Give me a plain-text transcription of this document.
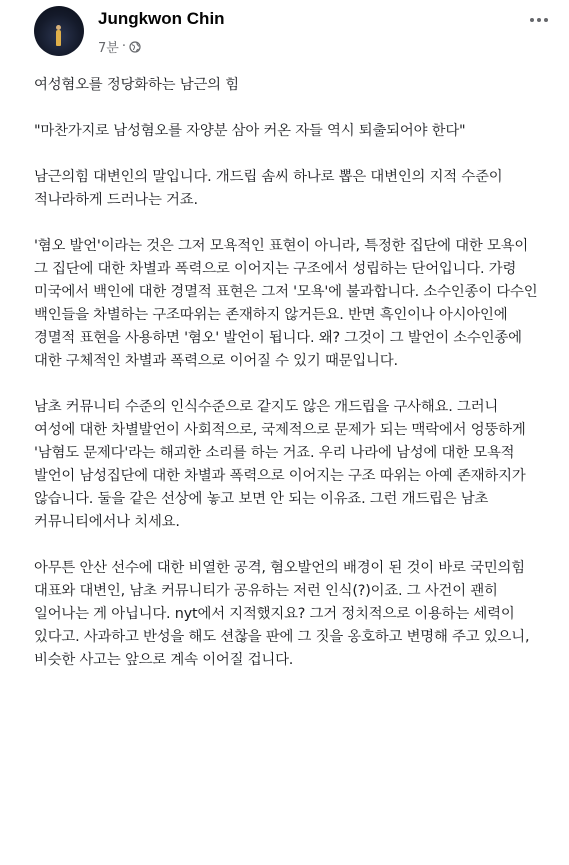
Jungkwon Chin
7분 ·

여성혐오를 정당화하는 남근의 힘

"마찬가지로 남성혐오를 자양분 삼아 커온 자들 역시 퇴출되어야 한다"

남근의힘 대변인의 말입니다. 개드립 솜씨 하나로 뽑은 대변인의 지적 수준이 적나라하게 드러나는 거죠.

'혐오 발언'이라는 것은 그저 모욕적인 표현이 아니라, 특정한 집단에 대한 모욕이 그 집단에 대한 차별과 폭력으로 이어지는 구조에서 성립하는 단어입니다. 가령 미국에서 백인에 대한 경멸적 표현은 그저 '모욕'에 불과합니다. 소수인종이 다수인 백인들을 차별하는 구조따위는 존재하지 않거든요. 반면 흑인이나 아시아인에 경멸적 표현을 사용하면 '혐오' 발언이 됩니다. 왜? 그것이 그 발언이 소수인종에 대한 구체적인 차별과 폭력으로 이어질 수 있기 때문입니다.

남초 커뮤니티 수준의 인식수준으로 같지도 않은 개드립을 구사해요. 그러니 여성에 대한 차별발언이 사회적으로, 국제적으로 문제가 되는 맥락에서 엉뚱하게 '남혐도 문제다'라는 해괴한 소리를 하는 거죠. 우리 나라에 남성에 대한 모욕적 발언이 남성집단에 대한 차별과 폭력으로 이어지는 구조 따위는 아예 존재하지가 않습니다. 둘을 같은 선상에 놓고 보면 안 되는 이유죠. 그런 개드립은 남초 커뮤니티에서나 치세요.

아무튼 안산 선수에 대한 비열한 공격, 혐오발언의 배경이 된 것이 바로 국민의힘 대표와 대변인, 남초 커뮤니티가 공유하는 저런 인식(?)이죠. 그 사건이 괜히 일어나는 게 아닙니다. nyt에서 지적했지요? 그거 정치적으로 이용하는 세력이 있다고. 사과하고 반성을 해도 션찮을 판에 그 짓을 옹호하고 변명해 주고 있으니, 비슷한 사고는 앞으로 계속 이어질 겁니다.
